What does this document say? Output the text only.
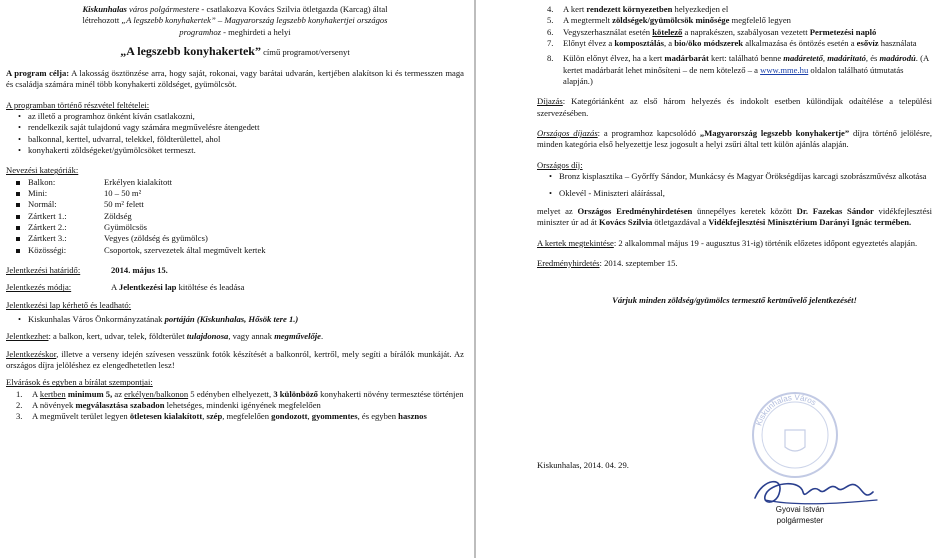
Kiskunhalas város polgármestere - csatlakozva Kovács Szilvia ötletgazda (Karcag) által

létrehozott „A legszebb konyhakertek” – Magyarország legszebb konyhakertjei országos

programhoz - meghirdeti a helyi

„A legszebb konyhakertek” című programot/versenyt

A program célja: A lakosság ösztönzése arra, hogy saját, rokonai, vagy barátai udvarán, kertjében alakítson ki és termesszen maga és családja számára minél több konyhakerti zöldséget, gyümölcsöt.

A programban történő részvétel feltételei:

• az illető a programhoz önként kíván csatlakozni,
• rendelkezik saját tulajdonú vagy számára megművelésre átengedett
• balkonnal, kerttel, udvarral, telekkel, földterülettel, ahol
• konyhakerti zöldségeket/gyümölcsöket termeszt.

Nevezési kategóriák:

Balkon:	Erkélyen kialakított
Mini:	10 – 50 m²
Normál:	50 m² felett
Zártkert 1.:	Zöldség
Zártkert 2.:	Gyümölcsös
Zártkert 3.:	Vegyes (zöldség és gyümölcs)
Közösségi:	Csoportok, szervezetek által megművelt kertek

Jelentkezési határidő:	2014. május 15.

Jelentkezés módja:	A Jelentkezési lap kitöltése és leadása

Jelentkezési lap kérhető és leadható:

• Kiskunhalas Város Önkormányzatának portáján (Kiskunhalas, Hősök tere 1.)

Jelentkezhet: a balkon, kert, udvar, telek, földterület tulajdonosa, vagy annak megművelője.

Jelentkezéskor, illetve a verseny idején szívesen vesszünk fotók készítését a balkonról, kertről, mely segíti a bírálók munkáját. Az országos díjra jelöléshez ez elengedhetetlen lesz!

Elvárások és egyben a bírálat szempontjai:

1. A kertben minimum 5, az erkélyen/balkonon 5 edényben elhelyezett, 3 különböző konyhakerti növény termesztése történjen
2. A növények megválasztása szabadon lehetséges, mindenki igényének megfelelően
3. A megművelt terület legyen ötletesen kialakított, szép, megfelelően gondozott, gyommentes, és egyben hasznos
4. A kert rendezett környezetben helyezkedjen el
5. A megtermelt zöldségek/gyümölcsök minősége megfelelő legyen
6. Vegyszerhasználat esetén kötelező a naprakészen, szabályosan vezetett Permetezési napló
7. Előnyt élvez a komposztálás, a bio/öko módszerek alkalmazása és öntözés esetén a esővíz használata
8. Külön előnyt élvez, ha a kert madárbarát kert: található benne madáretető, madáritató, és madárodú. (A kertet madárbarát lehet minősíteni – de nem kötelező – a www.mme.hu oldalon található útmutatás alapján.)

Díjazás: Kategóriánként az első három helyezés és indokolt esetben különdíjak odaítélése a települési szervezésében.

Országos díjazás: a programhoz kapcsolódó „Magyarország legszebb konyhakertje” díjra történő jelölésre, minden kategória első helyezettje lesz jogosult a helyi zsűri által tett külön ajánlás alapján.

Országos díj:

• Bronz kisplasztika – Győrffy Sándor, Munkácsy és Magyar Örökségdíjas karcagi szobrászművész alkotása
• Oklevél - Miniszteri aláírással,

melyet az Országos Eredményhirdetésen ünnepélyes keretek között Dr. Fazekas Sándor vidékfejlesztési miniszter úr ad át Kovács Szilvia ötletgazdával a Vidékfejlesztési Minisztérium Darányi Ignác termében.

A kertek megtekintése: 2 alkalommal május 19 - augusztus 31-ig) történik előzetes időpont egyeztetés alapján.

Eredményhirdetés: 2014. szeptember 15.

Várjuk minden zöldség/gyümölcs termesztő kertművelő jelentkezését!

Kiskunhalas, 2014. 04. 29.

Kiskunhalas Város

Gyovai István

polgármester
